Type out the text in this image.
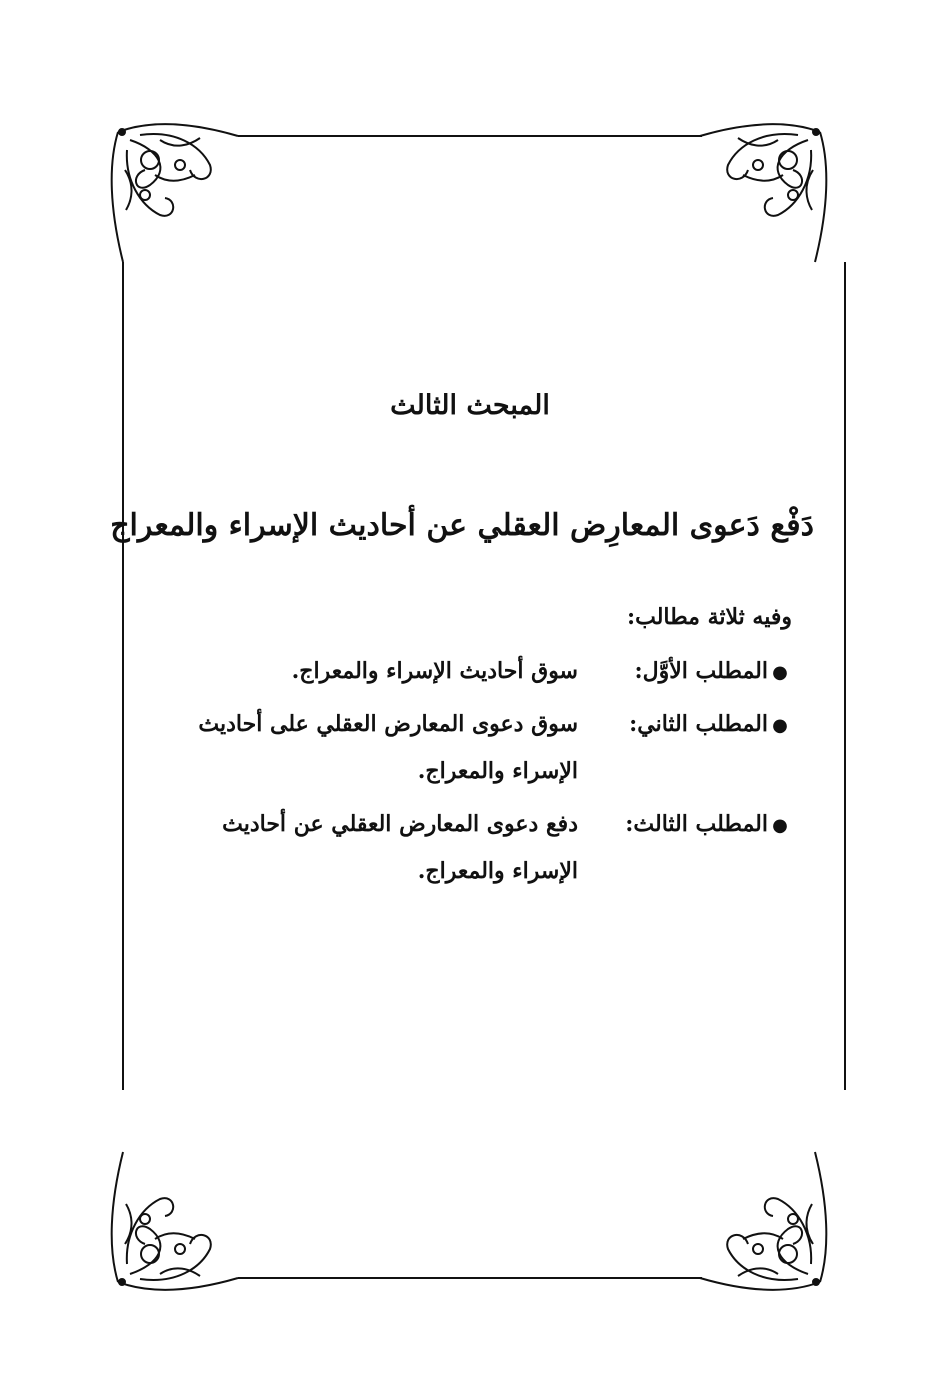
المبحث الثالث
دَفْع دَعوى المعارِض العقلي عن أحاديث الإسراء والمعراج
وفيه ثلاثة مطالب:
●
المطلب الأوَّل:
سوق أحاديث الإسراء والمعراج.
●
المطلب الثاني:
سوق دعوى المعارض العقلي على أحاديث الإسراء والمعراج.
●
المطلب الثالث:
دفع دعوى المعارض العقلي عن أحاديث الإسراء والمعراج.
